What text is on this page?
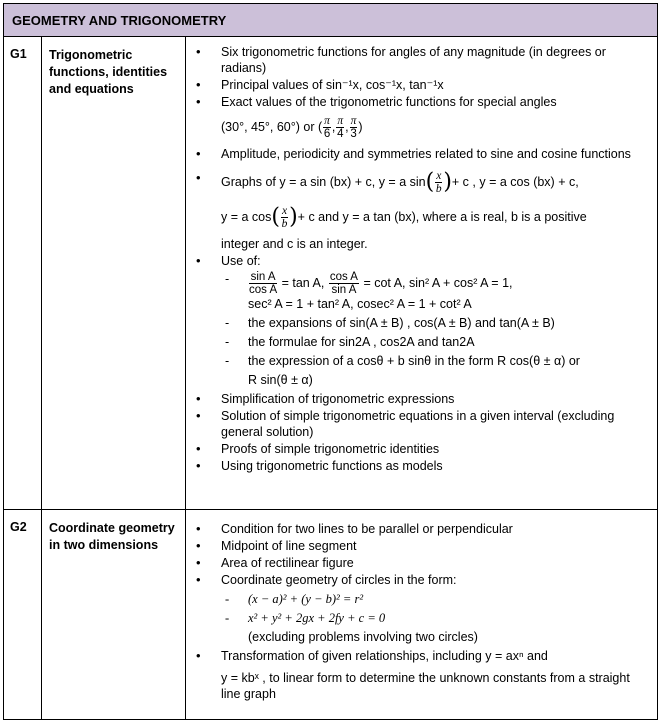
GEOMETRY AND TRIGONOMETRY
G1	Trigonometric functions, identities and equations
• Six trigonometric functions for angles of any magnitude (in degrees or radians)
• Principal values of sin⁻¹x, cos⁻¹x, tan⁻¹x
• Exact values of the trigonometric functions for special angles
(30°, 45°, 60°) or ( $\frac{\pi}{6}$ , $\frac{\pi}{4}$ , $\frac{\pi}{3}$ )
• Amplitude, periodicity and symmetries related to sine and cosine functions
• Graphs of y = a sin (bx) + c, y = a $\sin( \frac{x}{b}$ )+ c , y = a cos (bx) + c,
y = a $\cos( \frac{x}{b}$ )+ c and y = a tan (bx), where a is real, b is a positive
integer and c is an integer.
• Use of:
- $\frac{\text{sin A}}{\text{cos A}} = \tan A$, $\frac{\text{cos A}}{\text{sin A}} = \cot A$, sin² A + cos² A = 1,
sec² A = 1 + tan² A, cosec² A = 1 + cot² A
- the expansions of sin(A ± B) , cos(A ± B) and tan(A ± B)
- the formulae for sin2A , cos2A and tan2A
- the expression of a cosθ + b sinθ in the form R cos(θ ± α) or
R sin(θ ± α)
• Simplification of trigonometric expressions
• Solution of simple trigonometric equations in a given interval (excluding general solution)
• Proofs of simple trigonometric identities
• Using trigonometric functions as models
G2	Coordinate geometry in two dimensions
• Condition for two lines to be parallel or perpendicular
• Midpoint of line segment
• Area of rectilinear figure
• Coordinate geometry of circles in the form:
- (x − a)² + (y − b)² = r²
- x² + y² + 2gx + 2fy + c = 0
(excluding problems involving two circles)
• Transformation of given relationships, including y = axⁿ and
y = kbˣ , to linear form to determine the unknown constants from a straight line graph
